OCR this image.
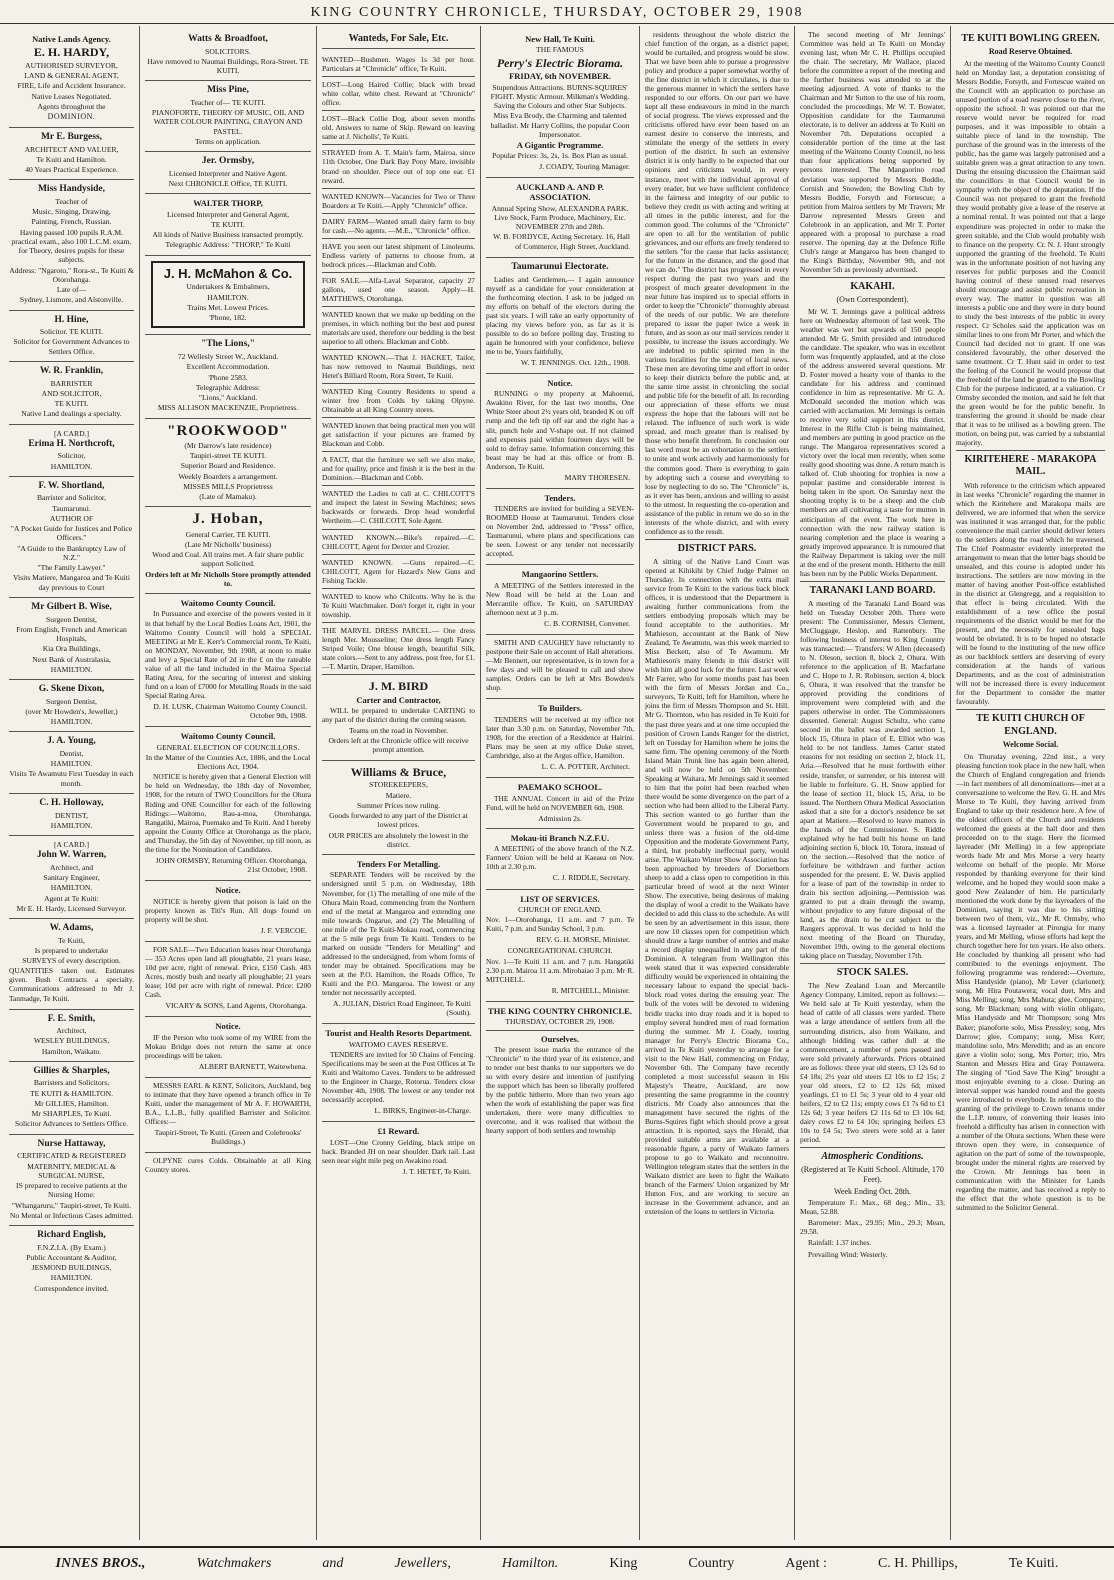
KING COUNTRY CHRONICLE, THURSDAY, OCTOBER 29, 1908
Native Lands Agency.
E. H. HARDY,
AUTHORISED SURVEYOR,
LAND & GENERAL AGENT,
FIRE, Life and Accident Insurance.
Native Leases Negotiated.
Agents throughout the
DOMINION.
Mr E. Burgess,
ARCHITECT AND VALUER,
Te Kuiti and Hamilton.
40 Years Practical Experience.
Miss Handyside,
Teacher of
Music, Singing, Drawing,
Painting, French, Russian.
Having passed 100 pupils R.A.M. practical exam., also 100 L.C.M. exam. for Theory, desires pupils for these subjects.
Address: "Ngaroto," Rora-st., Te Kuiti & Otorohanga.
Late of—
Sydney, Lismore, and Alstonville.
H. Hine,
Solicitor. TE KUITI.
Solicitor for Government Advances to Settlers Office.
W. R. Franklin,
BARRISTER
AND SOLICITOR,
TE KUITI.
Native Land dealings a specialty.
[A CARD.]
Erima H. Northcroft,
Solicitor,
HAMILTON.
F. W. Shortland,
Barrister and Solicitor,
Taumarunui.
AUTHOR OF
"A Pocket Guide for Justices and Police Officers."
"A Guide to the Bankruptcy Law of N.Z."
"The Family Lawyer."
Visits Matiere, Mangaroa and Te Kuiti day previous to Court
Mr Gilbert B. Wise,
Surgeon Dentist,
From English, French and American Hospitals,
Kia Ora Buildings,
Next Bank of Australasia,
HAMILTON.
G. Skene Dixon,
Surgeon Dentist,
(over Mr Howden's, Jeweller,)
HAMILTON.
J. A. Young,
Dentist,
HAMILTON.
Visits Te Awamutu First Tuesday in each month.
C. H. Holloway,
DENTIST,
HAMILTON.
[A CARD.]
John W. Warren,
Architect, and
Sanitary Engineer,
HAMILTON.
Agent at Te Kuiti:
Mr E. H. Hardy, Licensed Surveyor.
W. Adams,
Te Kuiti,
Is prepared to undertake
SURVEYS of every description.
QUANTITIES taken out. Estimates given. Bush Contracts a specialty. Communications addressed to Mr J. Tanmadge, Te Kuiti.
F. E. Smith,
Architect,
WESLEY BUILDINGS,
Hamilton, Waikato.
Gillies & Sharples,
Barristers and Solicitors,
TE KUITI & HAMILTON.
Mr GILLIES, Hamilton.
Mr SHARPLES, Te Kuiti.
Solicitor Advances to Settlers Office.
Nurse Hattaway,
CERTIFICATED & REGISTERED
MATERNITY, MEDICAL & SURGICAL NURSE,
IS prepared to receive patients at the Nursing Home:
"Whangaruru," Taupiri-street, Te Kuiti.
No Mental or Infectious Cases admitted.
Richard English,
F.N.Z.I.A. (By Exam.)
Public Accountant & Auditor,
JESMOND BUILDINGS,
HAMILTON.
Correspondence invited.
Watts & Broadfoot,
SOLICITORS.
Have removed to Naumai Buildings, Rora-Street. TE KUITI.
Miss Pine,
Teacher of— TE KUITI.
PIANOFORTE, THEORY OF MUSIC, OIL AND WATER COLOUR PAINTING, CRAYON AND PASTEL.
Terms on application.
Jer. Ormsby,
Licensed Interpreter and Native Agent.
Next CHRONICLE Office, TE KUITI.
WALTER THORP,
Licensed Interpreter and General Agent,
TE KUITI.
All kinds of Native Business transacted promptly.
Telegraphic Address: "THORP," Te Kuiti
J. H. McMahon & Co.
Undertakers & Embalmers,
HAMILTON.
Trains Met. Lowest Prices.
'Phone, 182.
"The Lions,"
72 Wellesly Street W., Auckland.
Excellent Accommodation.
'Phone 2583.
Telegraphic Address:
"Lions," Auckland.
MISS ALLISON MACKENZIE, Proprietress.
"ROOKWOOD"
(Mr Darrow's late residence)
Taupiri-street TE KUITI.
Superior Board and Residence.
Weekly Boarders a arrangement.
MISSES MILLS Proprietress
(Late of Mamaku).
J. Hoban,
General Carrier, TE KUITI.
(Late Mr Nicholls' business)
Wood and Coal. All trains met. A fair share public support Solicited.
Orders left at Mr Nicholls Store promptly attended to.
Waitomo County Council.
In Pursuance and exercise of the powers vested in it in that behalf by the Local Bodies Loans Act, 1901, the Waitomo County Council will hold a SPECIAL MEETING at Mr E. Kerr's Commercial room, Te Kuiti, on MONDAY, November, 9th 1908, at noon to make and levy a Special Rate of 2d in the £ on the rateable value of all the land included in the Mairoa Special Rating Area, for the securing of interest and sinking fund on a loan of £7000 for Metalling Roads in the said Special Rating Area.
D. H. LUSK, Chairman Waitomo County Council. October 9th, 1908.
Waitomo County Council.
GENERAL ELECTION OF COUNCILLORS.
In the Matter of the Counties Act, 1886, and the Local Elections Act, 1904.
NOTICE is hereby given that a General Election will be held on Wednesday, the 18th day of November, 1908, for the return of TWO Councillors for the Ohura Riding and ONE Councillor for each of the following Ridings:—Waitomo, Rau-a-moa, Otorohanga, Rangatiki, Mairoa, Puemako and Te Kuiti. And I hereby appoint the County Office at Otorohanga as the place, and Thursday, the 5th day of November, up till noon, as the time for the Nomination of Candidates.
JOHN ORMSBY, Returning Officer. Otorohanga, 21st October, 1908.
Notice.
NOTICE is hereby given that poison is laid on the property known as Titi's Run. All dogs found on property will be shot.
J. F. VERCOE.
FOR SALE—Two Education leases near Otorohanga— 353 Acres open land all ploughable, 21 years lease, 10d per acre, right of renewal. Price, £150 Cash. 483 Acres, mostly bush and nearly all ploughable; 21 years lease; 10d per acre with right of renewal. Price: £200 Cash.
VICARY & SONS, Land Agents, Otorohanga.
Notice.
IF the Person who took some of my WIRE from the Mokau Bridge does not return the same at once proceedings will be taken.
ALBERT BARNETT, Waitewhena.
MESSRS EARL & KENT, Solicitors, Auckland, beg to intimate that they have opened a branch office in Te Kuiti, under the management of Mr A. F. HOWARTH, B.A., L.L.B., fully qualified Barrister and Solicitor. Offices:—
Taupiri-Street, Te Kuiti. (Green and Colebrooks' Buildings.)
OLPYNE cures Colds. Obtainable at all King Country stores.
Wanteds, For Sale, Etc.
WANTED—Bushmen. Wages 1s 3d per hour. Particulars at "Chronicle" office, Te Kuiti.
LOST—Long Haired Collie; black with bread white collar, white chest. Reward at "Chronicle" office.
LOST—Black Collie Dog, about seven months old. Answers to name of Skip. Reward on leaving same at J. Nicholls', Te Kuiti.
STRAYED from A. T. Main's farm, Mairoa, since 11th October, One Dark Bay Pony Mare, invisible brand on shoulder. Piece out of top one ear. £1 reward.
WANTED KNOWN—Vacancies for Two or Three Boarders at Te Kuiti.—Apply "Chronicle" office.
DAIRY FARM—Wanted small dairy farm to buy for cash.—No agents. —M.E., "Chronicle" office.
HAVE you seen our latest shipment of Linoleums. Endless variety of patterns to choose from, at bedrock prices.—Blackman and Cobb.
FOR SALE.—Alfa-Laval Separator, capacity 27 gallons, used one season. Apply—H. MATTHEWS, Otorohanga.
WANTED known that we make up bedding on the premises, in which nothing but the best and purest materials are used, therefore our bedding is the best superior to all others. Blackman and Cobb.
WANTED KNOWN.—That J. HACKET, Tailor, has now removed to Naumai Buildings, next Hetet's Billiard Room, Rora Street, Te Kuiti.
WANTED King Country Residents to spend a winter free from Colds by taking Olpyne. Obtainable at all King Country stores.
WANTED known that being practical men you will get satisfaction if your pictures are framed by Blackman and Cobb.
A FACT, that the furniture we sell we also make, and for quality, price and finish it is the best in the Dominion.—Blackman and Cobb.
WANTED the Ladies to call at C. CHILCOTT'S and inspect the latest in Sewing Machines; sews backwards or forwards. Drop head wonderful Wertheim.—C. CHILCOTT, Sole Agent.
WANTED KNOWN.—Bike's repaired.—C. CHILCOTT, Agent for Dexter and Crozier.
WANTED KNOWN. —Guns repaired.—C. CHILCOTT, Agent for Hazard's New Guns and Fishing Tackle.
WANTED to know who Chilcotts. Why he is the Te Kuiti Watchmaker. Don't forget it, right in your township.
THE MARVEL DRESS PARCEL.— One dress length Mer. Mousseline; One dress length Fancy Striped Voile; One blouse length, beautiful Silk, state colors.—Sent to any address, post free, for £1.—T. Martin, Draper, Hamilton.
J. M. BIRD
Carter and Contractor,
WILL be prepared to undertake CARTING to any part of the district during the coming season.
Teams on the road in November.
Orders left at the Chronicle office will receive prompt attention.
Williams & Bruce,
STOREKEEPERS,
Matiere.
Summer Prices now ruling.
Goods forwarded to any part of the District at lowest prices.
OUR PRICES are absolutely the lowest in the district.
Tenders For Metalling.
SEPARATE Tenders will be received by the undersigned until 5 p.m. on Wednesday, 18th November, for (1) The metalling of one mile of the Ohura Main Road, commencing from the Northern end of the metal at Mangaroa and extending one mile towards Ongarue, and (2) The Metalling of one mile of the Te Kuiti-Mokau road, commencing at the 5 mile pegs from Te Kuiti. Tenders to be marked on outside "Tenders for Metalling" and addressed to the undersigned, from whom forms of tender may be obtained. Specifications may be seen at the P.O. Hamilton, the Roads Office, Te Kuiti and the P.O. Mangaroa. The lowest or any tender not necessarily accepted.
A. JULIAN, District Road Engineer, Te Kuiti (South).
Tourist and Health Resorts Department.
WAITOMO CAVES RESERVE.
TENDERS are invited for 50 Chains of Fencing. Specifications may be seen at the Post Offices at Te Kuiti and Waitomo Caves. Tenders to be addressed to the Engineer in Charge, Rotorua. Tenders close November 4th, 1908. The lowest or any tender not necessarily accepted.
L. BIRKS, Engineer-in-Charge.
£1 Reward.
LOST—One Cronny Gelding, black stripe on back. Branded JH on near shoulder. Dark tail. Last seen near eight mile peg on Awakino road.
J. T. HETET, Te Kuiti.
New Hall, Te Kuiti.
THE FAMOUS
Perry's Electric Biorama.
FRIDAY, 6th NOVEMBER.
Stupendous Attractions. BURNS-SQUIRES' FIGHT. Mystic Armour. Milkman's Wedding. Saving the Colours and other Star Subjects.
Miss Eva Brody, the Charming and talented balladist. Mr Harry Collins, the popular Coon Impersonator.
A Gigantic Programme.
Popular Prices: 3s, 2s, 1s. Box Plan as usual.
J. COADY, Touring Manager.
AUCKLAND A. AND P. ASSOCIATION.
Annual Spring Show, ALEXANDRA PARK. Live Stock, Farm Produce, Machinery, Etc. NOVEMBER 27th and 28th.
W. B. FORDYCE, Acting Secretary. 16, Hall of Commerce, High Street, Auckland.
Taumarunui Electorate.
Ladies and Gentlemen,— I again announce myself as a candidate for your consideration at the forthcoming election. I ask to be judged on my efforts on behalf of the electors during the past six years. I will take an early opportunity of placing my views before you, as far as it is possible to do so before polling day. Trusting to again be honoured with your confidence, believe me to be, Yours faithfully,
W. T. JENNINGS. Oct. 12th., 1908.
Notice.
RUNNING o my property at Mahoenui, Awakino River, for the last two months, One White Steer about 2½ years old, branded K on off rump and the left tip off ear and the right has a slit, punch hole and V-shape out. If not claimed and expenses paid within fourteen days will be sold to defray same. Information concerning this beast may be had at this office or from B. Anderson, Te Kuiti.
MARY THORESEN.
Tenders.
TENDERS are invited for building a SEVEN-ROOMED House at Taumarunui. Tenders close on November 2nd, addressed to "Press" office, Taumarunui, where plans and specifications can be seen. Lowest or any tender not necessarily accepted.
Mangaorino Settlers.
A MEETING of the Settlers interested in the New Road will be held at the Loan and Mercantile office, Te Kuiti, on SATURDAY afternoon next at 3 p..m.
C. B. CORNISH, Convener.
SMITH AND CAUGHEY have reluctantly to postpone their Sale on account of Hall alterations.—Mr Bennett, our representative, is in town for a few days and will be pleased to call and show samples. Orders can be left at Mrs Bowden's shop.
To Builders.
TENDERS will be received at my office not later than 3.30 p.m. on Saturday, November 7th, 1908, for the erection of a Residence at Hairini. Plans may be seen at my office Duke street, Cambridge, also at the Argus office, Hamilton.
L. C. A. POTTER, Architect.
PAEMAKO SCHOOL.
THE ANNUAL Concert in aid of the Prize Fund, will be held on NOVEMBER 6th, 1908.
Admission 2s.
Mokau-iti Branch N.Z.F.U.
A MEETING of the above branch of the N.Z. Farmers' Union will be held at Kaeaea on Nov. 10th at 2.30 p.m.
C. J. RIDDLE, Secretary.
LIST OF SERVICES.
CHURCH OF ENGLAND.
Nov. 1—Otorohanga, 11 a.m. and 7 p.m. Te Kuiti, 7 p.m. and Sunday School, 3 p.m.
REV. G. H. MORSE, Minister.
CONGREGATIONAL CHURCH.
Nov. 1—Te Kuiti 11 a.m. and 7 p.m. Hangatiki 2.30 p.m. Mairoa 11 a.m. Mirohaiao 3 p.m. Mr R. MITCHELL.
R. MITCHELL, Minister.
THE KING COUNTRY CHRONICLE.
THURSDAY, OCTOBER 29, 1908.
Ourselves.
The present issue marks the entrance of the "Chronicle" to the third year of its existence, and to tender our best thanks to our supporters we do so with every desire and intention of justifying the support which has been so liberally proffered by the public hitherto. More than two years ago when the work of establishing the paper was first undertaken, there were many difficulties to overcome, and it was realised that without the hearty support of both settlers and township
residents throughout the whole district the chief function of the organ, as a district paper, would be curtailed, and progress would be slow. That we have been able to pursue a progressive policy and produce a paper somewhat worthy of the fine district in which it circulates, is due to the generous manner in which the settlers have responded to our efforts. On our part we have kept all these endeavours in mind in the march of social progress. The views expressed and the criticisms offered have ever been based on an earnest desire to conserve the interests, and stimulate the energy of the settlers in every portion of the district. In such an extensive district it is only hardly to be expected that our opinions and criticisms would, in every instance, meet with the individual approval of every reader, but we have sufficient confidence in the fairness and integrity of our public to believe they credit us with acting and writing at all times in the public interest, and for the common good. The columns of the "Chronicle" are open to all for the ventilation of public grievances, and our efforts are freely tendered to the settlers "for the cause that lacks assistance; for the future in the distance, and the good that we can do." The district has progressed in every respect during the past two years and the prospect of much greater development in the near future has inspired us to special efforts in order to keep the "Chronicle" thoroughly abreast of the needs of our public. We are therefore prepared to issue the paper twice a week in future, and as soon as our mail services render it possible, to increase the issues accordingly. We are indebted to public spirited men in the various localities for the supply of local news. These men are devoting time and effort in order to keep their districts before the public and, at the same time assist in chronicling the social and public life for the benefit of all. In recording our appreciation of these efforts we must express the hope that the labours will not be relaxed. The influence of such work is wide spread, and much greater than is realised by those who benefit therefrom. In conclusion our last word must be an exhortation to the settlers to unite and work actively and harmoniously for the common good. There is everything to gain by adopting such a course and everything to lose by neglecting to do so. The "Chronicle" is, as it ever has been, anxious and willing to assist to the utmost. In requesting the co-operation and assistance of the public in return we do so in the interests of the whole district, and with every confidence as to the result.
DISTRICT PARS.
A sitting of the Native Land Court was opened at Kihikihi by Chief Judge Palmer on Thursday. In connection with the extra mail service from Te Kuiti to the various back block offices, it is understood that the Department is awaiting further communications from the settlers embodying proposals which may be found acceptable to the authorities. Mr Mathieson, accountant at the Bank of New Zealand, Te Awamutu, was this week married to Miss Beckett, also of Te Awamutu. Mr Mathieson's many friends in this district will wish him all good luck for the future. Last week Mr Farrer, who for some months past has been with the firm of Messrs Jordan and Co., surveyors, Te Kuiti, left for Hamilton, where he joins the firm of Messrs Thompson and St. Hill. Mr G. Thornton, who has resided in Te Kuiti for the past three years and at one time occupied the position of Crown Lands Ranger for the district, left on Tuesday for Hamilton where he joins the same firm. The opening ceremony of the North Island Main Trunk line has again been altered, and will now be held on 5th November. Speaking at Waitara, Mr Jennings said it seemed to him that the point had been reached when there would be some divergence on the part of a section who had been allied to the Liberal Party. This section wanted to go further than the Government would be prepared to go, and unless there was a fusion of the old-time Opposition and the moderate Government Party, a third, but probably ineffectual party, would arise. The Waikato Winter Show Association has been approached by breeders of Dorsethorn sheep to add a class open to competition in this particular breed of wool at the next Winter Show. The executive, being desirous of making the display of wool a credit to the Waikato have decided to add this class to the schedule. As will be seen by an advertisement in this issue, there are now 10 classes open for competition which should draw a large number of entries and make a record display unequalled in any part of the Dominion. A telegram from Wellington this week stated that it was expected considerable difficulty would be experienced in obtaining the necessary labour to expand the special back-block road votes during the ensuing year. The bulk of the votes will be devoted to widening bridle tracks into dray roads and it is hoped to employ several hundred men of road formation during the summer. Mr J. Coady, touring manager for Perry's Electric Biorama Co., arrived in Te Kuiti yesterday to arrange for a visit to the New Hall, commencing on Friday, November 6th. The Company have recently completed a most successful season in His Majesty's Theatre, Auckland, are now presenting the same programme in the country districts. Mr Coady also announces that the management have secured the rights of the Burns-Squires fight which should prove a great attraction. It is reported, says the Herald, that provided suitable arms are available at a reasonable figure, a party of Waikato farmers propose to go to Waikato and reconnoitre. Wellington telegram states that the settlers in the Waikato district are keen to fight the Waikato branch of the Farmers' Union organized by Mr Hutton Fox, and are working to secure an increase in the Government advance, and an extension of the loans to settlers in Victoria.
The second meeting of Mr Jennings' Committee was held at Te Kuiti on Monday evening last, when Mr C. H. Phillips occupied the chair. The secretary, Mr Wallace, placed before the committee a report of the meeting and the further business was attended to at the meeting adjourned. A vote of thanks to the Chairman and Mr Sutton to the use of his room, concluded the proceedings. Mr W. T. Bowater, Opposition candidate for the Taumarunui electorate, is to deliver an address at Te Kuiti on November 7th. Deputations occupied a considerable portion of the time at the last meeting of the Waitomo County Council, no less than four applications being supported by persons interested. The Mangaorino road deviation was supported by Messrs Boddie, Cornish and Snowden; the Bowling Club by Messrs Boddie, Forsyth and Fortescue; a petition from Mairoa settlers by Mr Travers; Mr Darrow represented Messrs Green and Colebrook in an application, and Mr T. Porter appeared with a proposal to purchase a road reserve. The opening day at the Defence Rifle Club's range at Mangaroa has been changed to the King's Birthday, November 9th, and not November 5th as previously advertised.
KAKAHI.
(Own Correspondent).
Mr W. T. Jennings gave a political address here on Wednesday afternoon of last week. The weather was wet but upwards of 150 people attended. Mr G. Smith presided and introduced the candidate. The speaker, who was in excellent form was frequently applauded, and at the close of the address answered several questions. Mr D. Foster moved a hearty vote of thanks to the candidate for his address and continued confidence in him as representative. Mr G. A. McDonald seconded the motion which was carried with acclamation. Mr Jennings is certain to receive very solid support in this district. Interest in the Rifle Club is being maintained, and members are putting in good practice on the range. The Mangaroa representatives scored a victory over the local men recently, when some really good shooting was done. A return match is talked of. Club shooting for trophies is now a popular pastime and considerable interest is being taken in the sport. On Saturday next the shooting trophy is to be a sheep and the club members are all cultivating a taste for mutton in anticipation of the event. The work here in connection with the new railway station is nearing completion and the place is wearing a greatly improved appearance. It is rumoured that the Railway Department is taking over the mill at the end of the present month. Hitherto the mill has been run by the Public Works Department.
TARANAKI LAND BOARD.
A meeting of the Taranaki Land Board was held on Tuesday October 20th. There were present: The Commissioner, Messrs Clement, McCluggage, Heslop, and Rattenbury. The following business of interest to King Country was transacted:— Transfers: W Allen (deceased) to N. Oleson, section 8, block 2, Ohura. With reference to the application of B. Macfarlane and C. Hope to J. R. Robinson, section 4, block 6, Ohura, it was resolved that the transfer be approved providing the conditions of improvement were completed with and the papers otherwise in order. The Commissioners dissented. General: August Schultz, who came second in the ballot was awarded section 1, block 15, Ohura in place of E. Elliot who was held to be not landless. James Carter stated reasons for not residing on section 2, block 11, Aria.—Resolved that he must forthwith either reside, transfer, or surrender, or his interest will be liable to forfeiture. G. H. Snow applied for the lease of section 11, block 15, Aria, to be issued. The Northern Ohura Medical Association asked that a site for a doctor's residence be set apart at Matiere.—Resolved to leave matters in the hands of the Commissioner. S. Riddle explained why he had built his house on land adjoining section 6, block 10, Totora, instead of on the section.—Resolved that the notice of forfeiture be withdrawn and further action suspended for the present. E. W. Davis applied for a lease of part of the township in order to drain his section adjoining.—Permission was granted to put a drain through the swamp, without prejudice to any future disposal of the land, as the drain to be cut subject to the Rangers approval. It was decided to hold the next meeting of the Board on Thursday, November 19th, owing to the general elections taking place on Tuesday, November 17th.
STOCK SALES.
The New Zealand Loan and Mercantile Agency Company, Limited, report as follows:— We held sale at Te Kuiti yesterday, when the head of cattle of all classes were yarded. There was a large attendance of settlers from all the surrounding districts, also from Waikato, and although bidding was rather dull at the commencement, a number of pens passed and were sold privately afterwards. Prices obtained are as follows: three year old steers, £3 12s 6d to £4 18s; 2½ year old steers £2 10s to £2 15s; 2 year old steers, £2 to £2 12s 6d; mixed yearlings, £1 to £1 5s; 3 year old to 4 year old heifers, £2 to £2 11s; empty cows £1 7s 6d to £1 12s 6d; 3 year heifers £2 11s 6d to £3 10s 6d; dairy cows £2 to £4 10s; springing heifers £3 10s to £4 5s; Two steers were sold at a later period.
Atmospheric Conditions.
(Registered at Te Kuiti School. Altitude, 170 Feet).
Week Ending Oct. 28th.
Temperature F.: Max., 68 deg.; Min., 33; Mean, 52.88.
Barometer: Max., 29.95; Min., 29.3; Mean, 29.58.
Rainfall: 1.37 inches.
Prevailing Wind: Westerly.
TE KUITI BOWLING GREEN.
Road Reserve Obtained.
At the meeting of the Waitomo County Council held on Monday last, a deputation consisting of Messrs Boddie, Forsyth, and Fortescue waited on the Council with an application to purchase an unused portion of a road reserve close to the river, opposite the school. It was pointed out that the reserve would never be required for road purposes, and it was impossible to obtain a suitable piece of land in the township. The purchase of the ground was in the interests of the public, has the game was largely patronised and a suitable green was a great attraction to any town. During the ensuing discussion the Chairman said the councillors in that Council would be in sympathy with the object of the deputation. If the Council was not prepared to grant the freehold they would probably give a lease of the reserve at a nominal rental. It was pointed out that a large expenditure was projected in order to make the green suitable, and the Club would probably wish to finance on the property. Cr. N. J. Hunt strongly supported the granting of the freehold. Te Kuiti was in the unfortunate position of not having any reserves for public purposes and the Council having control of these unused road reserves should encourage and assist public recreation in every way. The matter in question was all interests a public one and they were in duty bound to study the best interests of the public in every respect. Cr Scholes said the application was on similar lines to one from Mr Porter, and which the Council had decided not to grant. If one was considered favourably, the other deserved the same treatment. Cr T. Hunt said in order to test the feeling of the Council he would propose that the freehold of the land be granted to the Bowling Club for the purpose indicated, at a valuation. Cr Ormsby seconded the motion, and said he felt that the green would be for the public benefit. In transferring the ground it should be made clear that it was to be utilised as a bowling green. The motion, on being put, was carried by a substantial majority.
KIRITEHERE - MARAKOPA MAIL.
With reference to the criticism which appeared in last weeks "Chronicle" regarding the manner in which the Kiritehere and Marakopa mails are delivered, we are informed that when the service was instituted it was arranged that, for the public convenience the mail carrier should deliver letters to the settlers along the road which he traversed. The Chief Postmaster evidently interpreted the arrangement to mean that the letter bags should be unsealed, and this course is adopted under his instructions. The settlers are now moving in the matter of having another Post-office established in the district at Glengregg, and a requisition to that effect is being circulated. With the establishment of a new office the postal requirements of the district would be met for the present, and the necessity for unsealed bags would be obviated. It is to be hoped no obstacle will be found to the instituting of the new office as our backblock settlers are deserving of every consideration at the hands of various Departments, and as the cost of administration will not be increased there is every inducement for the Department to consider the matter favourably.
TE KUITI CHURCH OF ENGLAND.
Welcome Social.
On Thursday evening, 22nd inst., a very pleasing function took place in the new hall, when the Church of England congregation and friends—in fact members of all denominations—met at a conversazione to welcome the Rev. G. H. and Mrs Morse to Te Kuiti, they having arrived from England to take up their residence here. A few of the oldest officers of the Church and residents welcomed the guests at the hall door and then proceeded on to the stage. Here the licensed layreader (Mr Melling) in a few appropriate words bade Mr and Mrs Morse a very hearty welcome on behalf of the people. Mr Morse responded by thanking everyone for their kind welcome, and he hoped they would soon make a good New Zealander of him. He particularly mentioned the work done by the layreaders of the Dominion, saying it was due to his sitting between two of them, viz., Mr R. Ormsby, who was a licensed layreader at Pirongia for many years, and Mr Melling, whose efforts had kept the church together here for ten years. He also others. He concluded by thanking all present who had contributed to the evenings enjoyment. The following programme was rendered:—Overture, Miss Handyside (piano), Mr Lever (clarionet); song, Mr Hira Poutawera; vocal duet, Mrs and Miss Melling; song, Mrs Mahuta; glee, Company; song, Mr Blackman; song with violin obligato, Miss Handyside and Mr Thompson; song Mrs Baker; pianoforte solo, Miss Pressley; song, Mrs Darrow; glee, Company; song, Miss Kerr; mandoline solo, Mrs Meredith; and as an encore gave a violin solo; song, Mrs Porter; trio, Mrs Stanton and Messrs Hira and Gray Poutawera. The singing of "God Save The King" brought a most enjoyable evening to a close. During an interval supper was handed round and the guests were introduced to everybody. In reference to the granting of the privilege to Crown tenants under the L.I.P. tenure, of converting their leases into freehold a difficulty has arisen in connection with a number of the Ohura sections. When these were thrown open they were, in consequence of agitation on the part of some of the townspeople, brought under the mineral rights are reserved by the Crown. Mr Jennings has been in communication with the Minister for Lands regarding the matter, and has received a reply to the effect that the whole question is to be submitted to the Solicitor General.
INNES BROS.,	Watchmakers	and	Jewellers,	Hamilton.	King	Country	Agent :	C. H. Phillips,	Te Kuiti.
